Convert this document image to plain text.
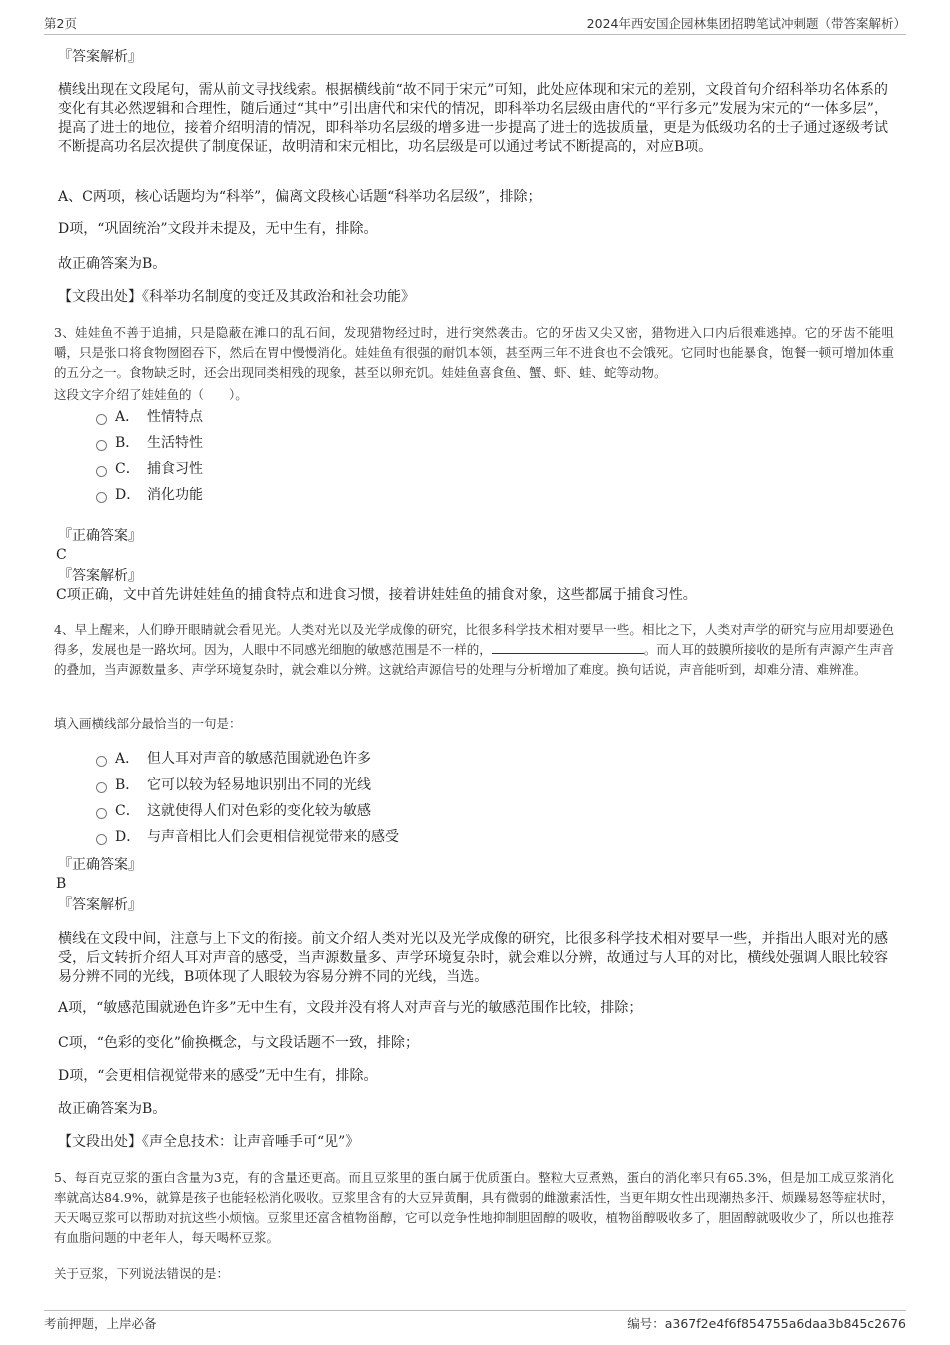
第2页	2024年西安国企园林集团招聘笔试冲刺题（带答案解析）
『答案解析』
横线出现在文段尾句，需从前文寻找线索。根据横线前“故不同于宋元”可知，此处应体现和宋元的差别，文段首句介绍科举功名体系的变化有其必然逻辑和合理性，随后通过“其中”引出唐代和宋代的情况，即科举功名层级由唐代的“平行多元”发展为宋元的“一体多层”，提高了进士的地位，接着介绍明清的情况，即科举功名层级的增多进一步提高了进士的选拔质量，更是为低级功名的士子通过逐级考试不断提高功名层次提供了制度保证，故明清和宋元相比，功名层级是可以通过考试不断提高的，对应B项。
A、C两项，核心话题均为“科举”，偏离文段核心话题“科举功名层级”，排除；
D项，“巩固统治”文段并未提及，无中生有，排除。
故正确答案为B。
【文段出处】《科举功名制度的变迁及其政治和社会功能》
3、娃娃鱼不善于追捕，只是隐蔽在滩口的乱石间，发现猎物经过时，进行突然袭击。它的牙齿又尖又密，猎物进入口内后很难逃掉。它的牙齿不能咀嚼，只是张口将食物囫囵吞下，然后在胃中慢慢消化。娃娃鱼有很强的耐饥本领，甚至两三年不进食也不会饿死。它同时也能暴食，饱餐一顿可增加体重的五分之一。食物缺乏时，还会出现同类相残的现象，甚至以卵充饥。娃娃鱼喜食鱼、蟹、虾、蛙、蛇等动物。
这段文字介绍了娃娃鱼的（　　）。
A． 性情特点
B． 生活特性
C． 捕食习性
D． 消化功能
『正确答案』
C
『答案解析』
C项正确，文中首先讲娃娃鱼的捕食特点和进食习惯，接着讲娃娃鱼的捕食对象，这些都属于捕食习性。
4、早上醒来，人们睁开眼睛就会看见光。人类对光以及光学成像的研究，比很多科学技术相对要早一些。相比之下，人类对声学的研究与应用却要逊色得多，发展也是一路坎坷。因为，人眼中不同感光细胞的敏感范围是不一样的，	。而人耳的鼓膜所接收的是所有声源产生声音的叠加，当声源数量多、声学环境复杂时，就会难以分辨。这就给声源信号的处理与分析增加了难度。换句话说，声音能听到，却难分清、难辨准。
填入画横线部分最恰当的一句是：
A． 但人耳对声音的敏感范围就逊色许多
B． 它可以较为轻易地识别出不同的光线
C． 这就使得人们对色彩的变化较为敏感
D． 与声音相比人们会更相信视觉带来的感受
『正确答案』
B
『答案解析』
横线在文段中间，注意与上下文的衔接。前文介绍人类对光以及光学成像的研究，比很多科学技术相对要早一些，并指出人眼对光的感受，后文转折介绍人耳对声音的感受，当声源数量多、声学环境复杂时，就会难以分辨，故通过与人耳的对比，横线处强调人眼比较容易分辨不同的光线，B项体现了人眼较为容易分辨不同的光线，当选。
A项，“敏感范围就逊色许多”无中生有，文段并没有将人对声音与光的敏感范围作比较，排除；
C项，“色彩的变化”偷换概念，与文段话题不一致，排除；
D项，“会更相信视觉带来的感受”无中生有，排除。
故正确答案为B。
【文段出处】《声全息技术：让声音唾手可“见”》
5、每百克豆浆的蛋白含量为3克，有的含量还更高。而且豆浆里的蛋白属于优质蛋白。整粒大豆煮熟，蛋白的消化率只有65.3%，但是加工成豆浆消化率就高达84.9%，就算是孩子也能轻松消化吸收。豆浆里含有的大豆异黄酮，具有微弱的雌激素活性，当更年期女性出现潮热多汗、烦躁易怒等症状时，天天喝豆浆可以帮助对抗这些小烦恼。豆浆里还富含植物甾醇，它可以竞争性地抑制胆固醇的吸收，植物甾醇吸收多了，胆固醇就吸收少了，所以也推荐有血脂问题的中老年人，每天喝杯豆浆。
关于豆浆，下列说法错误的是：
考前押题，上岸必备	编号：a367f2e4f6f854755a6daa3b845c2676
